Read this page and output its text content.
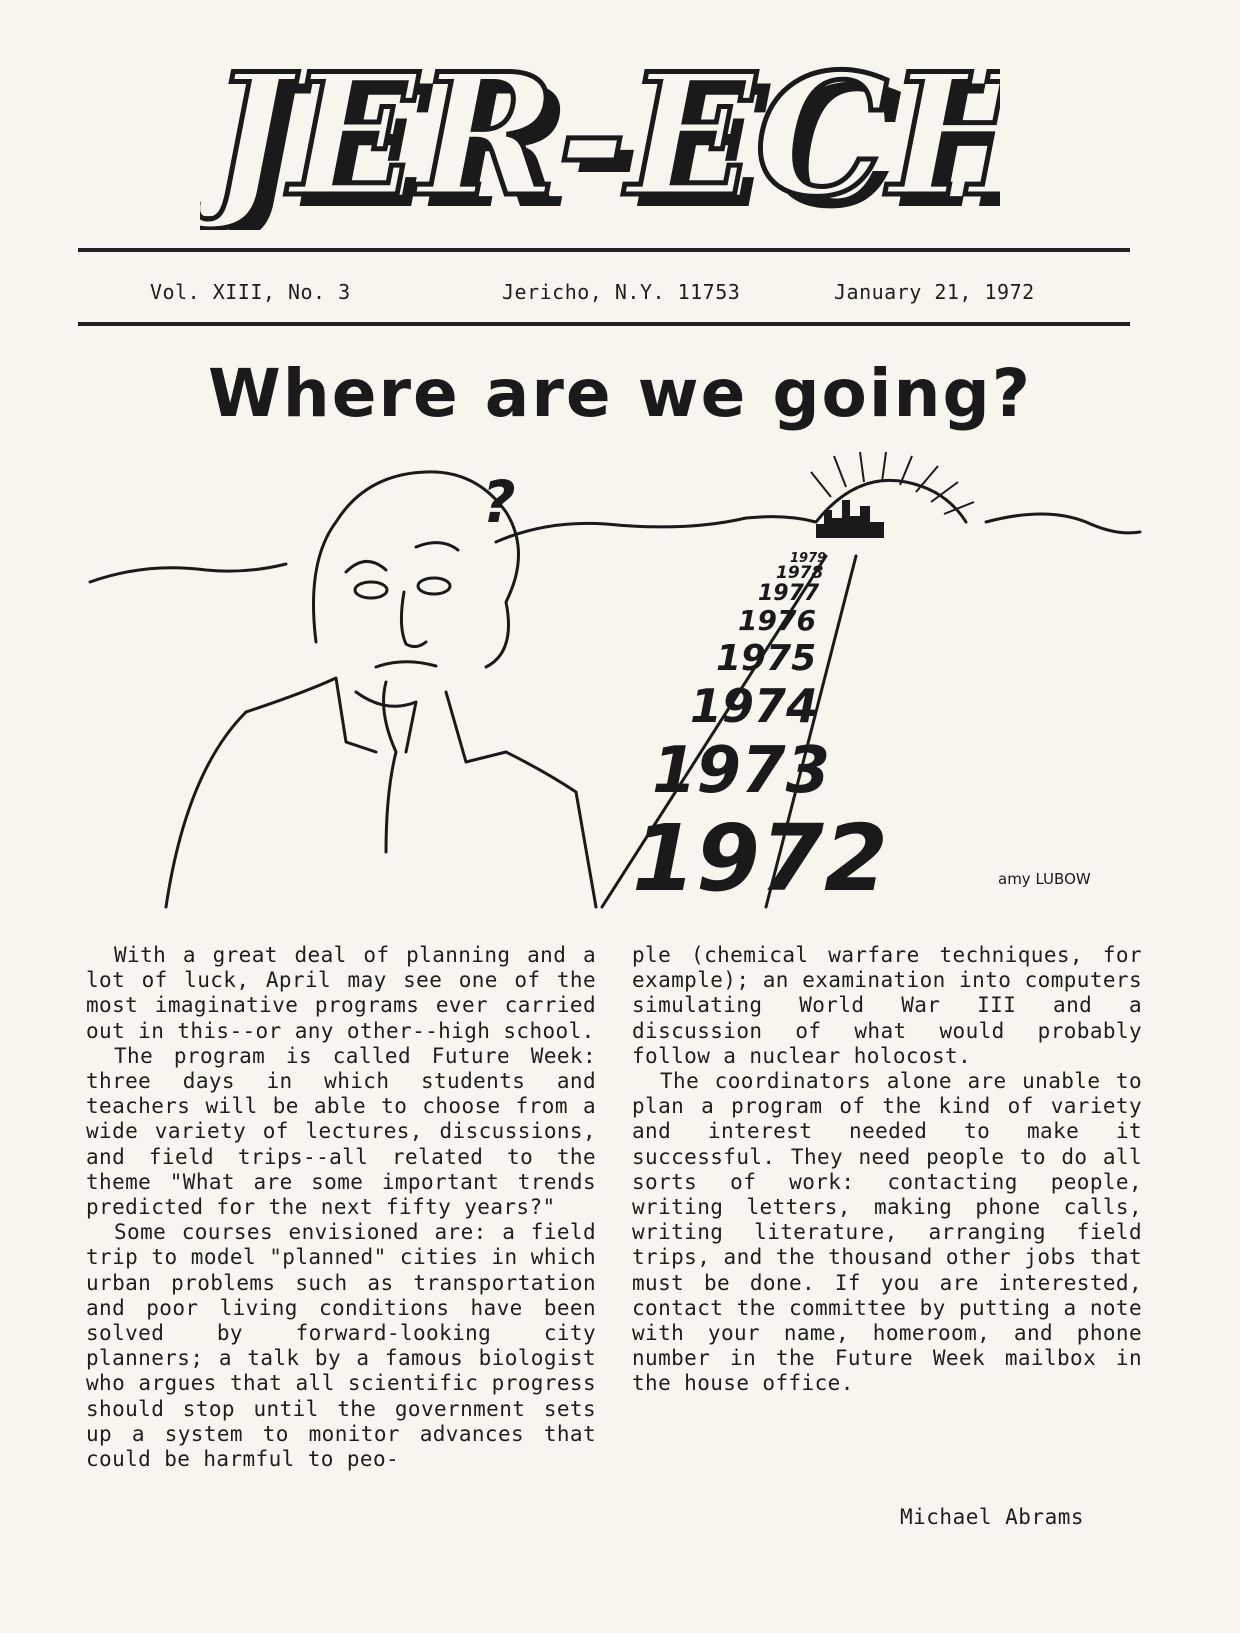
JER-EC
JER-EC
Vol. XIII, No. 3	Jericho, N.Y. 11753	January 21, 1972
Where are we going?
?
1972
1973
1974
1975
1976
1977
1978
1979
amy LUBOW

With a great deal of planning and a lot of luck, April may see one of the most imaginative programs ever carried out in this--or any other--high school.

The program is called Future Week: three days in which students and teachers will be able to choose from a wide variety of lectures, discussions, and field trips--all related to the theme "What are some important trends predicted for the next fifty years?"

Some courses envisioned are: a field trip to model "planned" cities in which urban problems such as transportation and poor living conditions have been solved by forward-looking city planners; a talk by a famous biologist who argues that all scientific progress should stop until the government sets up a system to monitor advances that could be harmful to peo-

ple (chemical warfare techniques, for example); an examination into computers simulating World War III and a discussion of what would probably follow a nuclear holocost.

The coordinators alone are unable to plan a program of the kind of variety and interest needed to make it successful. They need people to do all sorts of work: contacting people, writing letters, making phone calls, writing literature, arranging field trips, and the thousand other jobs that must be done. If you are interested, contact the committee by putting a note with your name, homeroom, and phone number in the Future Week mailbox in the house office.

Michael Abrams
